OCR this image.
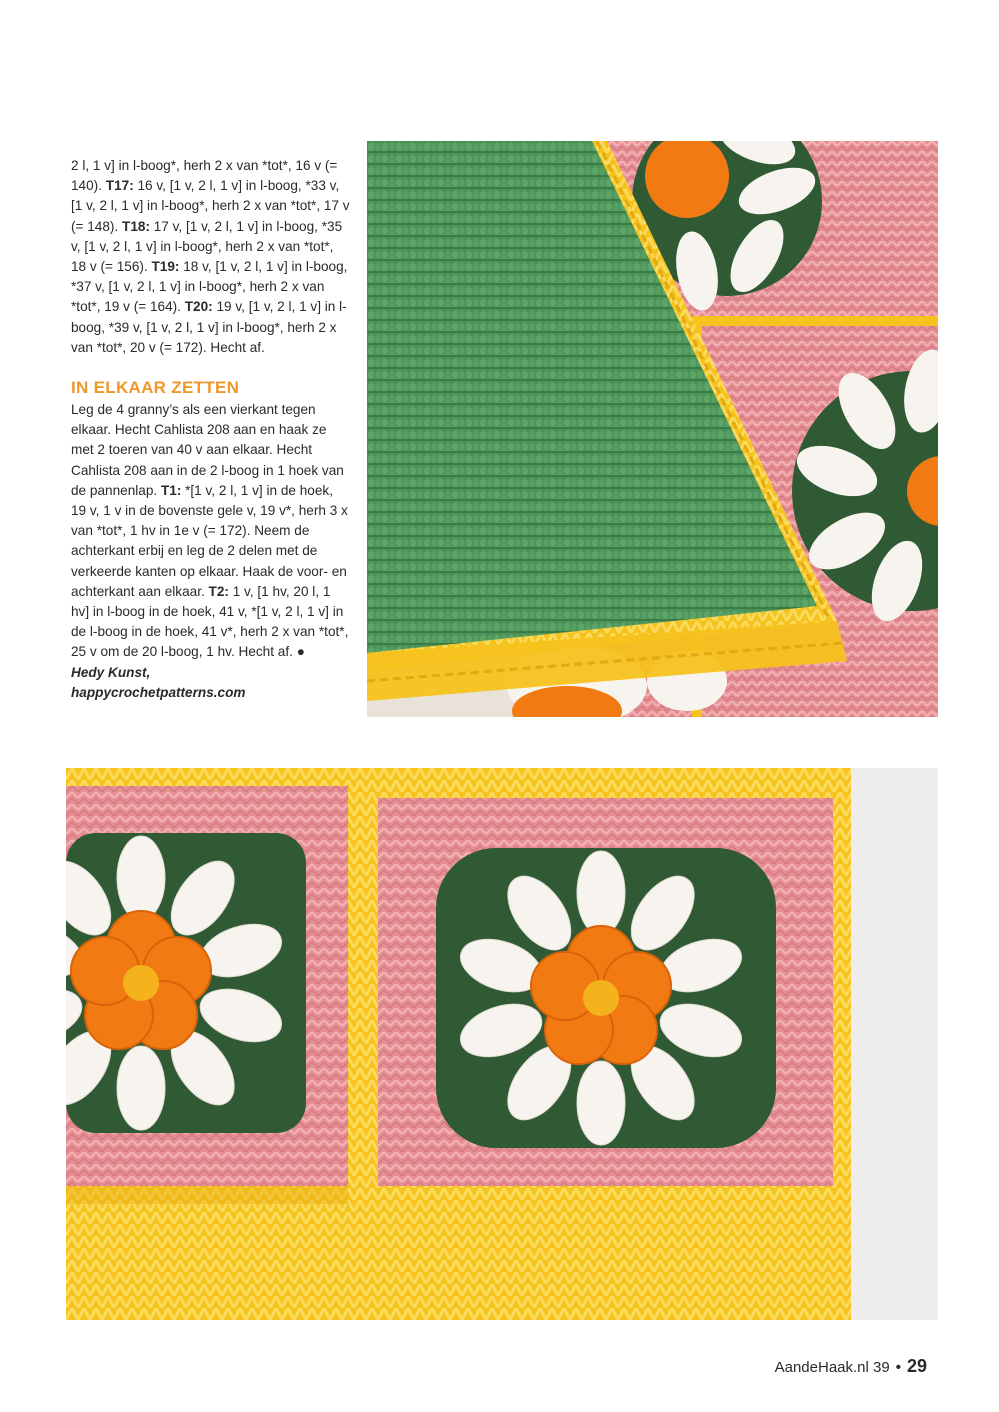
2 l, 1 v] in l-boog*, herh 2 x van *tot*, 16 v (= 140). T17: 16 v, [1 v, 2 l, 1 v] in l-boog, *33 v, [1 v, 2 l, 1 v] in l-boog*, herh 2 x van *tot*, 17 v (= 148). T18: 17 v, [1 v, 2 l, 1 v] in l-boog, *35 v, [1 v, 2 l, 1 v] in l-boog*, herh 2 x van *tot*, 18 v (= 156). T19: 18 v, [1 v, 2 l, 1 v] in l-boog, *37 v, [1 v, 2 l, 1 v] in l-boog*, herh 2 x van *tot*, 19 v (= 164). T20: 19 v, [1 v, 2 l, 1 v] in l-boog, *39 v, [1 v, 2 l, 1 v] in l-boog*, herh 2 x van *tot*, 20 v (= 172). Hecht af.

IN ELKAAR ZETTEN

Leg de 4 granny’s als een vierkant tegen elkaar. Hecht Cahlista 208 aan en haak ze met 2 toeren van 40 v aan elkaar. Hecht Cahlista 208 aan in de 2 l-boog in 1 hoek van de pannenlap. T1: *[1 v, 2 l, 1 v] in de hoek, 19 v, 1 v in de bovenste gele v, 19 v*, herh 3 x van *tot*, 1 hv in 1e v (= 172). Neem de achterkant erbij en leg de 2 delen met de verkeerde kanten op elkaar. Haak de voor- en achterkant aan elkaar. T2: 1 v, [1 hv, 20 l, 1 hv] in l-boog in de hoek, 41 v, *[1 v, 2 l, 1 v] in de l-boog in de hoek, 41 v*, herh 2 x van *tot*, 25 v om de 20 l-boog, 1 hv. Hecht af. ●

Hedy Kunst,

happycrochetpatterns.com

AandeHaak.nl 39 • 29
